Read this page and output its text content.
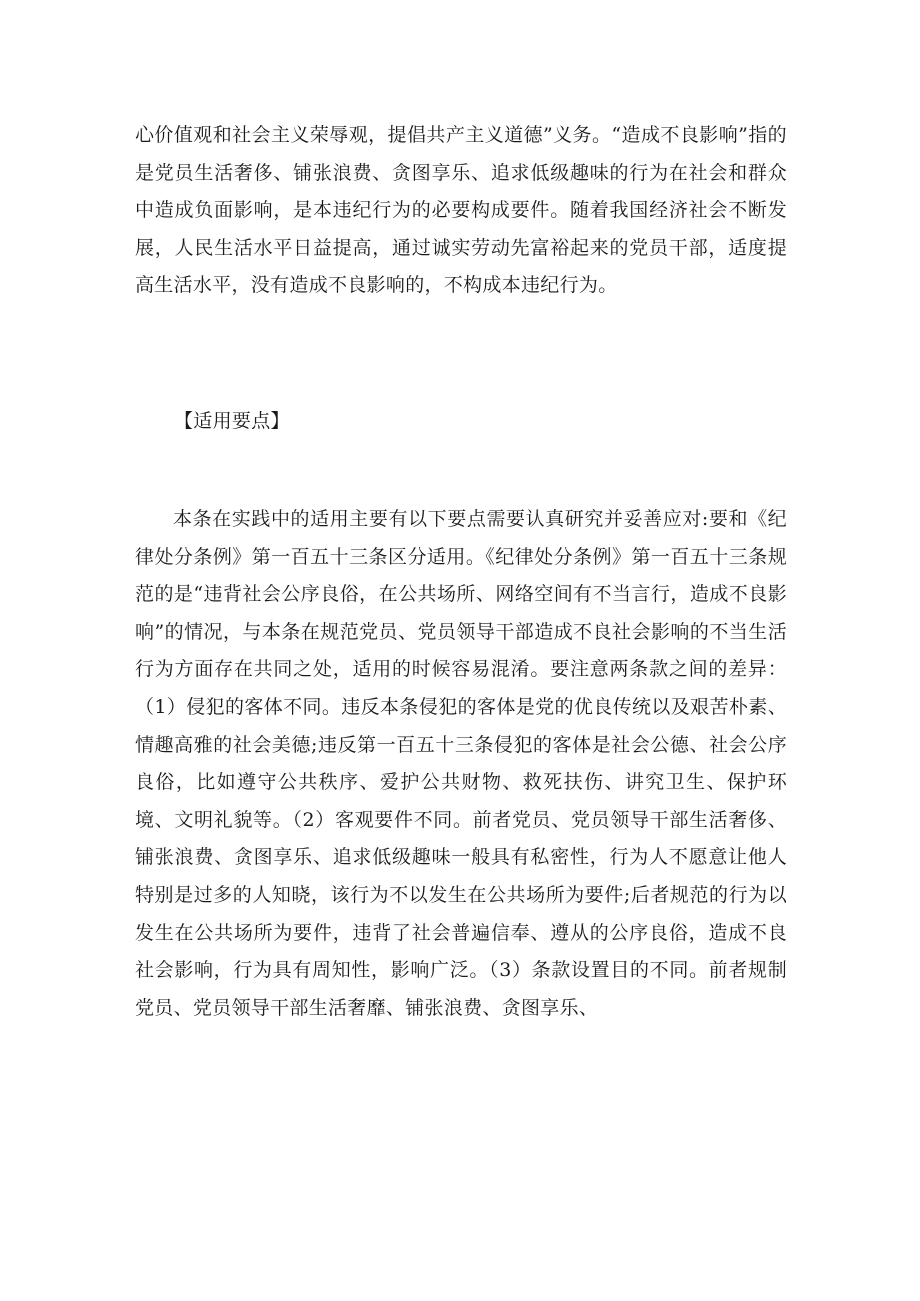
心价值观和社会主义荣辱观，提倡共产主义道德”义务。“造成不良影响”指的是党员生活奢侈、铺张浪费、贪图享乐、追求低级趣味的行为在社会和群众中造成负面影响，是本违纪行为的必要构成要件。随着我国经济社会不断发展，人民生活水平日益提高，通过诚实劳动先富裕起来的党员干部，适度提高生活水平，没有造成不良影响的，不构成本违纪行为。

【适用要点】

本条在实践中的适用主要有以下要点需要认真研究并妥善应对:要和《纪律处分条例》第一百五十三条区分适用。《纪律处分条例》第一百五十三条规范的是“违背社会公序良俗，在公共场所、网络空间有不当言行，造成不良影响”的情况，与本条在规范党员、党员领导干部造成不良社会影响的不当生活行为方面存在共同之处，适用的时候容易混淆。要注意两条款之间的差异：（1）侵犯的客体不同。违反本条侵犯的客体是党的优良传统以及艰苦朴素、情趣高雅的社会美德;违反第一百五十三条侵犯的客体是社会公德、社会公序良俗，比如遵守公共秩序、爱护公共财物、救死扶伤、讲究卫生、保护环境、文明礼貌等。（2）客观要件不同。前者党员、党员领导干部生活奢侈、铺张浪费、贪图享乐、追求低级趣味一般具有私密性，行为人不愿意让他人特别是过多的人知晓，该行为不以发生在公共场所为要件;后者规范的行为以发生在公共场所为要件，违背了社会普遍信奉、遵从的公序良俗，造成不良社会影响，行为具有周知性，影响广泛。（3）条款设置目的不同。前者规制党员、党员领导干部生活奢靡、铺张浪费、贪图享乐、
